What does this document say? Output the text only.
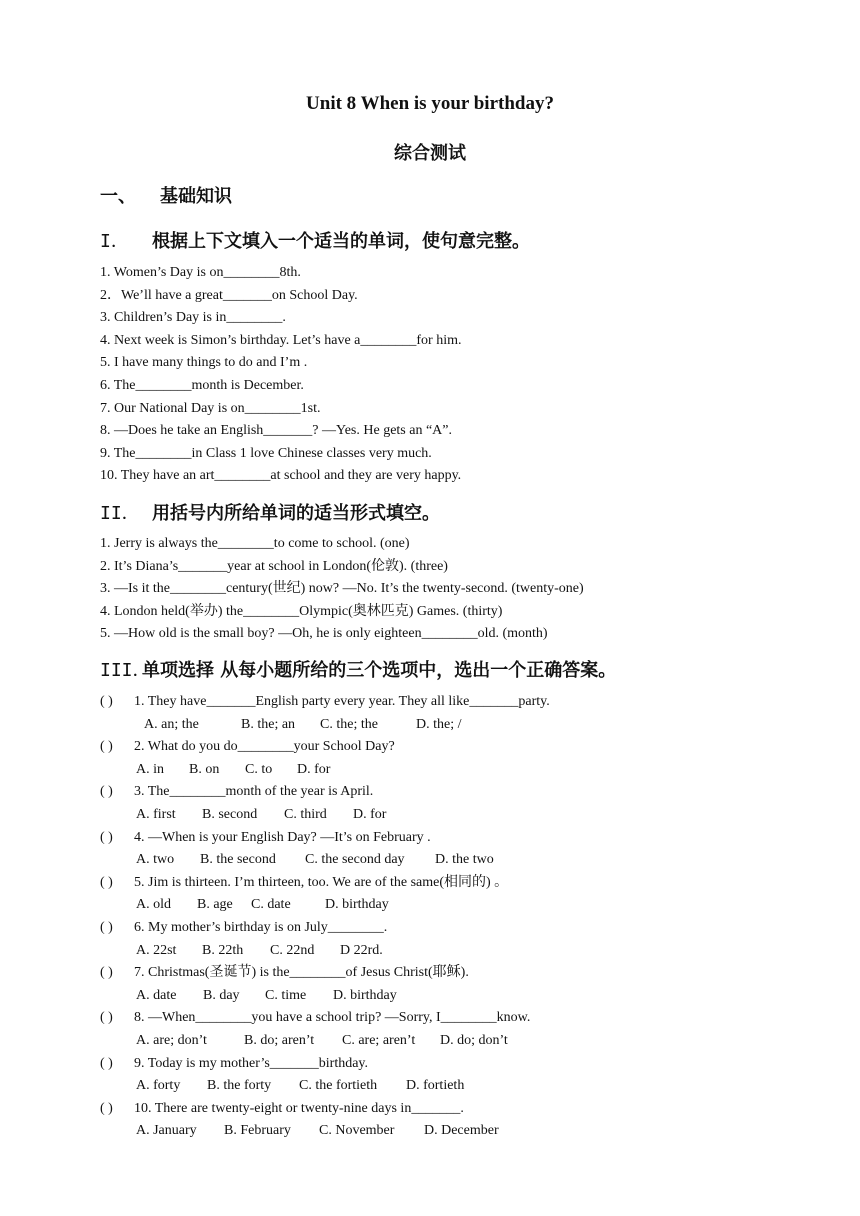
Unit 8 When is your birthday?
综合测试
一、 基础知识
I． 根据上下文填入一个适当的单词，使句意完整。
1. Women’s Day is on________8th.
2．We’ll have a great_______on School Day.
3. Children’s Day is in________.
4. Next week is Simon’s birthday. Let’s have a________for him.
5. I have many things to do and I’m .
6. The________month is December.
7. Our National Day is on________1st.
8. —Does he take an English_______? —Yes. He gets an “A”.
9. The________in Class 1 love Chinese classes very much.
10. They have an art________at school and they are very happy.
II． 用括号内所给单词的适当形式填空。
1. Jerry is always the________to come to school. (one)
2. It’s Diana’s_______year at school in London(伦敦). (three)
3. —Is it the________century(世纪) now? —No. It’s the twenty-second. (twenty-one)
4. London held(举办) the________Olympic(奥林匹克) Games. (thirty)
5. —How old is the small boy? —Oh, he is only eighteen________old. (month)
III．单项选择 从每小题所给的三个选项中，选出一个正确答案。
( ) 1. They have_______English party every year. They all like_______party.
A. an; the	B. the; an C. the; the	D. the; /
( ) 2. What do you do________your School Day?
A. in B. on C. to D. for
( ) 3. The________month of the year is April.
A. first B. second C. third D. for
( ) 4. —When is your English Day? —It’s on February .
A. two B. the second C. the second day D. the two
( ) 5. Jim is thirteen. I’m thirteen, too. We are of the same(相同的) 。
A. old B. age C. date D. birthday
( ) 6. My mother’s birthday is on July________.
A. 22st B. 22th C. 22nd D 22rd.
( ) 7. Christmas(圣诞节) is the________of Jesus Christ(耶稣).
A. date B. day C. time D. birthday
( ) 8. —When________you have a school trip? —Sorry, I________know.
A. are; don’t	B. do; aren’t C. are; aren’t D. do; don’t
( ) 9. Today is my mother’s_______birthday.
A. forty B. the forty C. the fortieth D. fortieth
( ) 10. There are twenty-eight or twenty-nine days in_______.
A. January B. February C. November D. December
